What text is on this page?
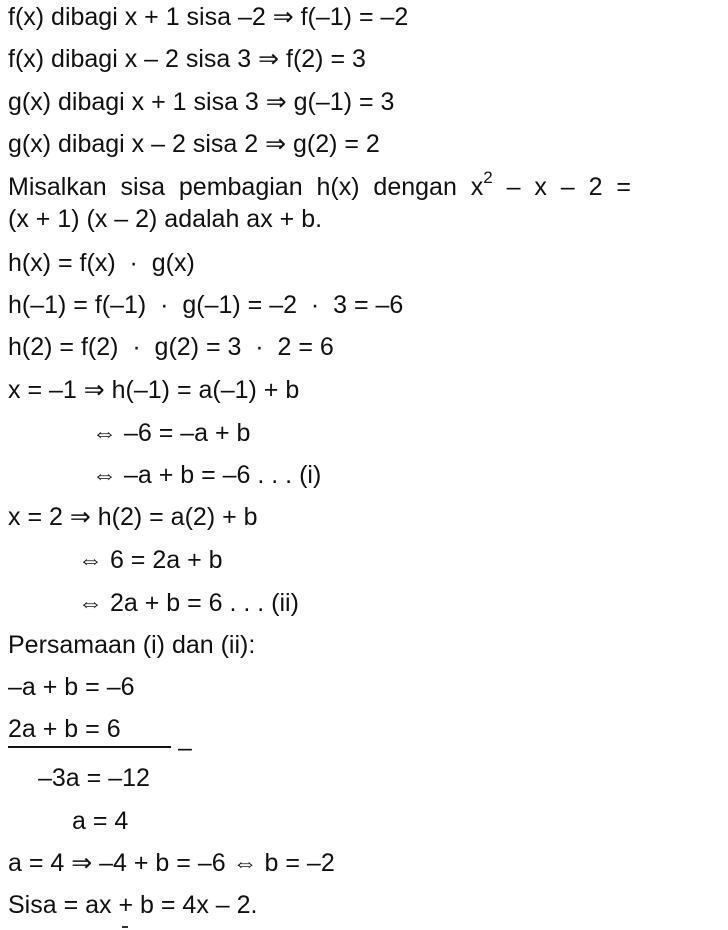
f(x) dibagi x + 1 sisa –2 ⇒ f(–1) = –2
f(x) dibagi x – 2 sisa 3 ⇒ f(2) = 3
g(x) dibagi x + 1 sisa 3 ⇒ g(–1) = 3
g(x) dibagi x – 2 sisa 2 ⇒ g(2) = 2
Misalkan  sisa  pembagian  h(x)  dengan  $x^2$  –  x  –  2  =
(x + 1) (x – 2) adalah ax + b.
h(x) = f(x)  ·  g(x)
h(–1) = f(–1)  ·  g(–1) = –2  ·  3 = –6
h(2) = f(2)  ·  g(2) = 3  ·  2 = 6
x = –1 ⇒ h(–1) = a(–1) + b
⇔ –6 = –a + b
⇔ –a + b = –6 . . . (i)
x = 2 ⇒ h(2) = a(2) + b
⇔ 6 = 2a + b
⇔ 2a + b = 6 . . . (ii)
Persamaan (i) dan (ii):
–a + b = –6
2a + b = 6
–
–3a = –12
a = 4
a = 4 ⇒ –4 + b = –6 ⇔ b = –2
Sisa = ax + b = 4x – 2.
